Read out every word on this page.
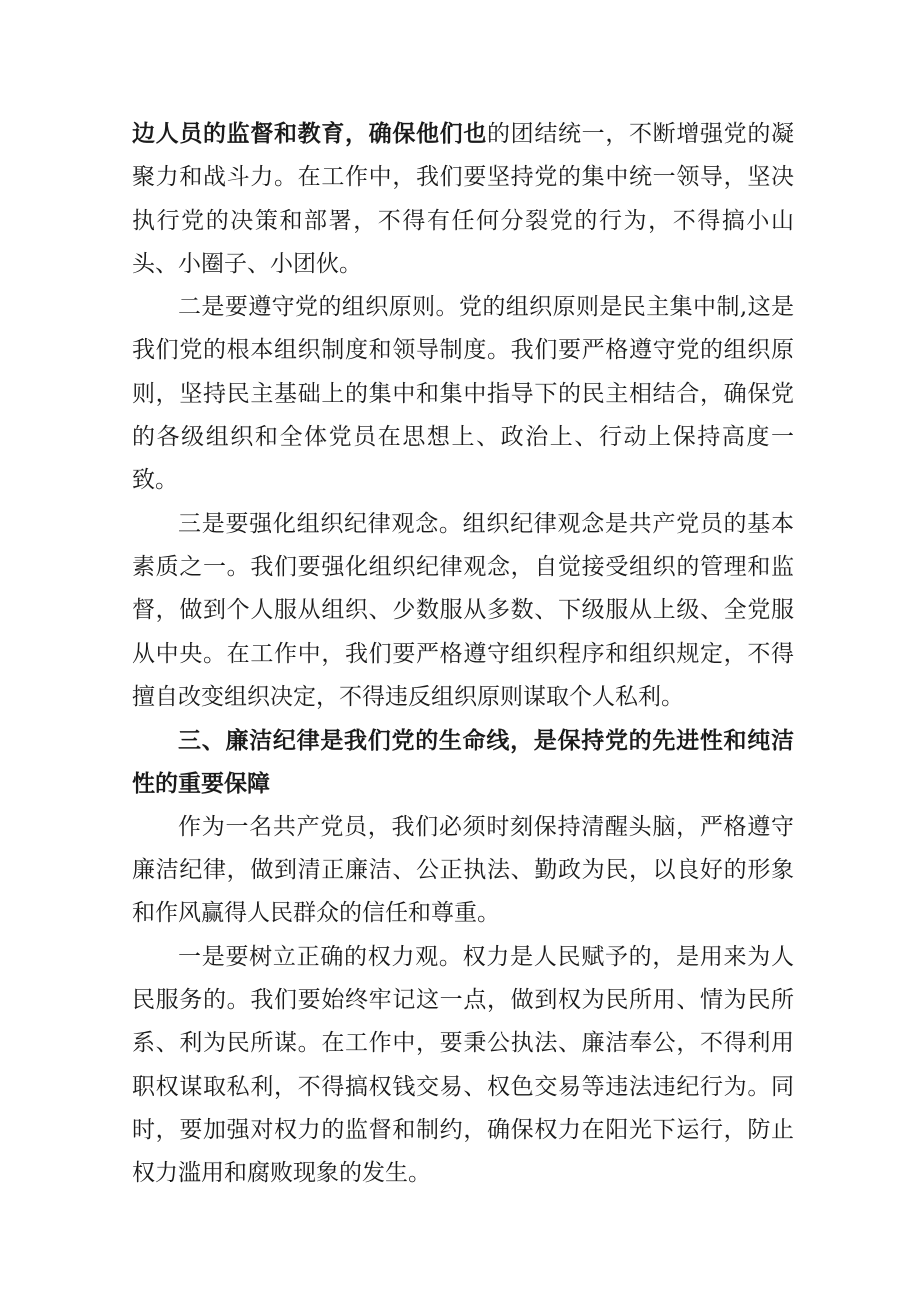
边人员的监督和教育，确保他们也的团结统一，不断增强党的凝聚力和战斗力。在工作中，我们要坚持党的集中统一领导，坚决执行党的决策和部署，不得有任何分裂党的行为，不得搞小山头、小圈子、小团伙。

二是要遵守党的组织原则。党的组织原则是民主集中制,这是我们党的根本组织制度和领导制度。我们要严格遵守党的组织原则，坚持民主基础上的集中和集中指导下的民主相结合，确保党的各级组织和全体党员在思想上、政治上、行动上保持高度一致。

三是要强化组织纪律观念。组织纪律观念是共产党员的基本素质之一。我们要强化组织纪律观念，自觉接受组织的管理和监督，做到个人服从组织、少数服从多数、下级服从上级、全党服从中央。在工作中，我们要严格遵守组织程序和组织规定，不得擅自改变组织决定，不得违反组织原则谋取个人私利。

三、廉洁纪律是我们党的生命线，是保持党的先进性和纯洁性的重要保障

作为一名共产党员，我们必须时刻保持清醒头脑，严格遵守廉洁纪律，做到清正廉洁、公正执法、勤政为民，以良好的形象和作风赢得人民群众的信任和尊重。

一是要树立正确的权力观。权力是人民赋予的，是用来为人民服务的。我们要始终牢记这一点，做到权为民所用、情为民所系、利为民所谋。在工作中，要秉公执法、廉洁奉公，不得利用职权谋取私利，不得搞权钱交易、权色交易等违法违纪行为。同时，要加强对权力的监督和制约，确保权力在阳光下运行，防止权力滥用和腐败现象的发生。
